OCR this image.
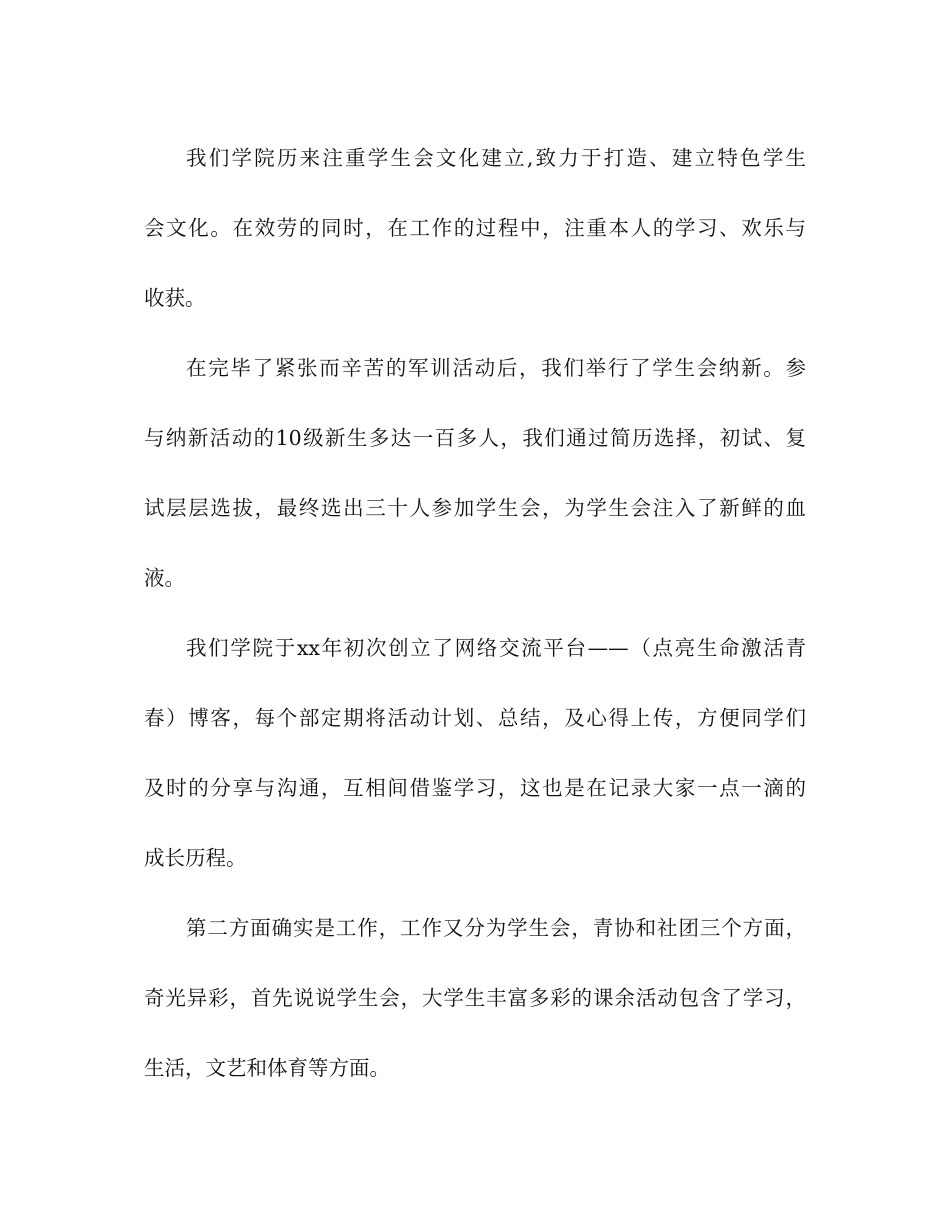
我们学院历来注重学生会文化建立,致力于打造、建立特色学生
会文化。在效劳的同时，在工作的过程中，注重本人的学习、欢乐与
收获。
在完毕了紧张而辛苦的军训活动后，我们举行了学生会纳新。参
与纳新活动的10级新生多达一百多人，我们通过简历选择，初试、复
试层层选拔，最终选出三十人参加学生会，为学生会注入了新鲜的血
液。
我们学院于xx年初次创立了网络交流平台——（点亮生命激活青
春）博客，每个部定期将活动计划、总结，及心得上传，方便同学们
及时的分享与沟通，互相间借鉴学习，这也是在记录大家一点一滴的
成长历程。
第二方面确实是工作，工作又分为学生会，青协和社团三个方面，
奇光异彩，首先说说学生会，大学生丰富多彩的课余活动包含了学习，
生活，文艺和体育等方面。
